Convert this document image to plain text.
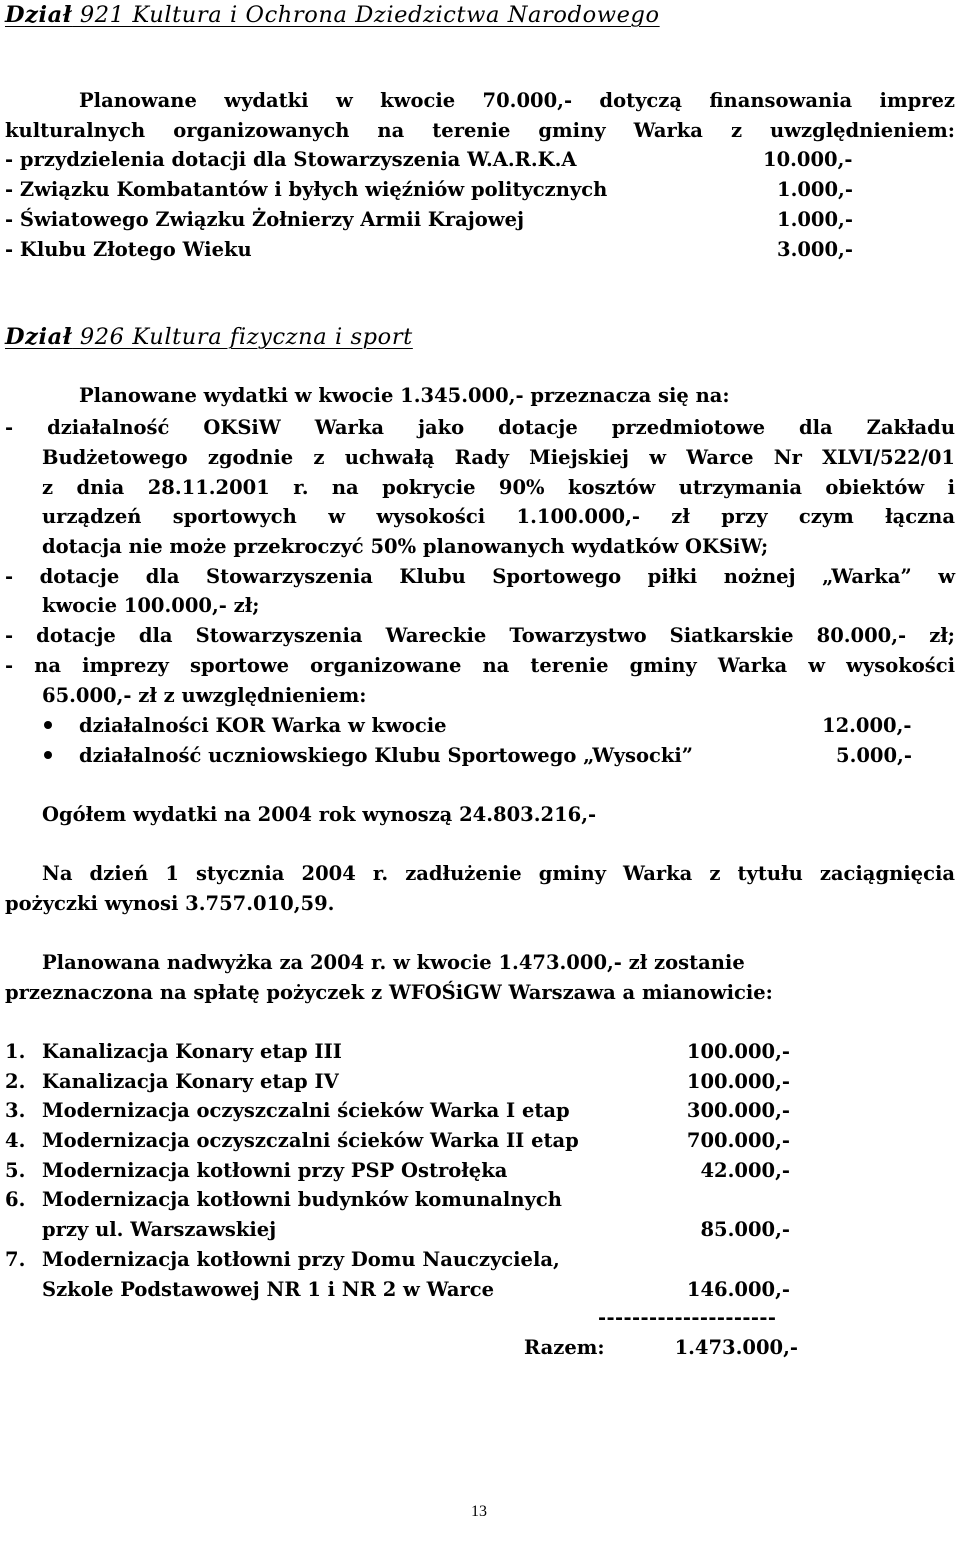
Dział 921 Kultura i Ochrona Dziedzictwa Narodowego
Planowane wydatki w kwocie 70.000,- dotyczą finansowania imprez
kulturalnych organizowanych na terenie gminy Warka z uwzględnieniem:
- przydzielenia dotacji dla Stowarzyszenia W.A.R.K.A	10.000,-
- Związku Kombatantów i byłych więźniów politycznych	1.000,-
- Światowego Związku Żołnierzy Armii Krajowej	1.000,-
- Klubu Złotego Wieku	3.000,-
Dział 926 Kultura fizyczna i sport
Planowane wydatki w kwocie 1.345.000,- przeznacza się na:
- działalność OKSiW Warka jako dotacje przedmiotowe dla Zakładu
Budżetowego zgodnie z uchwałą Rady Miejskiej w Warce Nr XLVI/522/01
z dnia 28.11.2001 r. na pokrycie 90% kosztów utrzymania obiektów i
urządzeń sportowych w wysokości 1.100.000,- zł przy czym łączna
dotacja nie może przekroczyć 50% planowanych wydatków OKSiW;
- dotacje dla Stowarzyszenia Klubu Sportowego piłki nożnej „Warka” w
kwocie 100.000,- zł;
- dotacje dla Stowarzyszenia Wareckie Towarzystwo Siatkarskie 80.000,- zł;
- na imprezy sportowe organizowane na terenie gminy Warka w wysokości
65.000,- zł z uwzględnieniem:
działalności KOR Warka w kwocie	12.000,-
działalność uczniowskiego Klubu Sportowego „Wysocki”	5.000,-
Ogółem wydatki na 2004 rok wynoszą 24.803.216,-
Na dzień 1 stycznia 2004 r. zadłużenie gminy Warka z tytułu zaciągnięcia
pożyczki wynosi 3.757.010,59.
Planowana nadwyżka za 2004 r. w kwocie 1.473.000,- zł zostanie
przeznaczona na spłatę pożyczek z WFOŚiGW Warszawa a mianowicie:
1. Kanalizacja Konary etap III	100.000,-
2. Kanalizacja Konary etap IV	100.000,-
3. Modernizacja oczyszczalni ścieków Warka I etap	300.000,-
4. Modernizacja oczyszczalni ścieków Warka II etap	700.000,-
5. Modernizacja kotłowni przy PSP Ostrołęka	42.000,-
6. Modernizacja kotłowni budynków komunalnych
przy ul. Warszawskiej	85.000,-
7. Modernizacja kotłowni przy Domu Nauczyciela,
Szkole Podstawowej NR 1 i NR 2 w Warce	146.000,-
---------------------
Razem:	1.473.000,-
13
